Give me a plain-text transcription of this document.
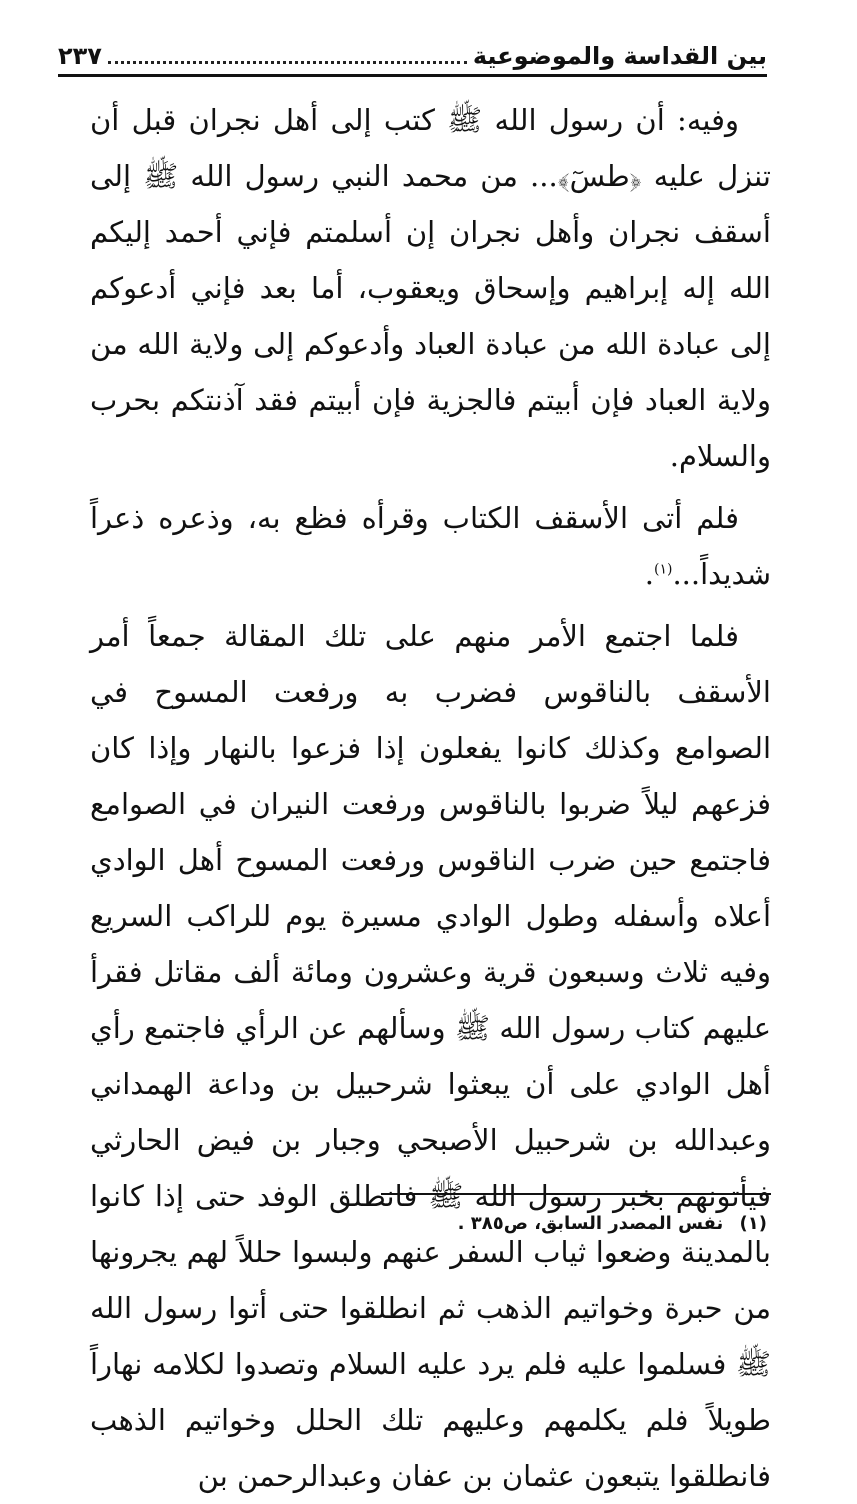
بين القداسة والموضوعية
٢٣٧

وفيه: أن رسول الله ﷺ كتب إلى أهل نجران قبل أن تنزل عليه ﴿طسٓ﴾... من محمد النبي رسول الله ﷺ إلى أسقف نجران وأهل نجران إن أسلمتم فإني أحمد إليكم الله إله إبراهيم وإسحاق ويعقوب، أما بعد فإني أدعوكم إلى عبادة الله من عبادة العباد وأدعوكم إلى ولاية الله من ولاية العباد فإن أبيتم فالجزية فإن أبيتم فقد آذنتكم بحرب والسلام.

فلم أتى الأسقف الكتاب وقرأه فظع به، وذعره ذعراً شديداً...$^{(١)}$.

فلما اجتمع الأمر منهم على تلك المقالة جمعاً أمر الأسقف بالناقوس فضرب به ورفعت المسوح في الصوامع وكذلك كانوا يفعلون إذا فزعوا بالنهار وإذا كان فزعهم ليلاً ضربوا بالناقوس ورفعت النيران في الصوامع فاجتمع حين ضرب الناقوس ورفعت المسوح أهل الوادي أعلاه وأسفله وطول الوادي مسيرة يوم للراكب السريع وفيه ثلاث وسبعون قرية وعشرون ومائة ألف مقاتل فقرأ عليهم كتاب رسول الله ﷺ وسألهم عن الرأي فاجتمع رأي أهل الوادي على أن يبعثوا شرحبيل بن وداعة الهمداني وعبدالله بن شرحبيل الأصبحي وجبار بن فيض الحارثي فيأتونهم بخبر رسول الله ﷺ فانطلق الوفد حتى إذا كانوا بالمدينة وضعوا ثياب السفر عنهم ولبسوا حللاً لهم يجرونها من حبرة وخواتيم الذهب ثم انطلقوا حتى أتوا رسول الله ﷺ فسلموا عليه فلم يرد عليه السلام وتصدوا لكلامه نهاراً طويلاً فلم يكلمهم وعليهم تلك الحلل وخواتيم الذهب فانطلقوا يتبعون عثمان بن عفان وعبدالرحمن بن

(١) نفس المصدر السابق، ص٣٨٥ .
